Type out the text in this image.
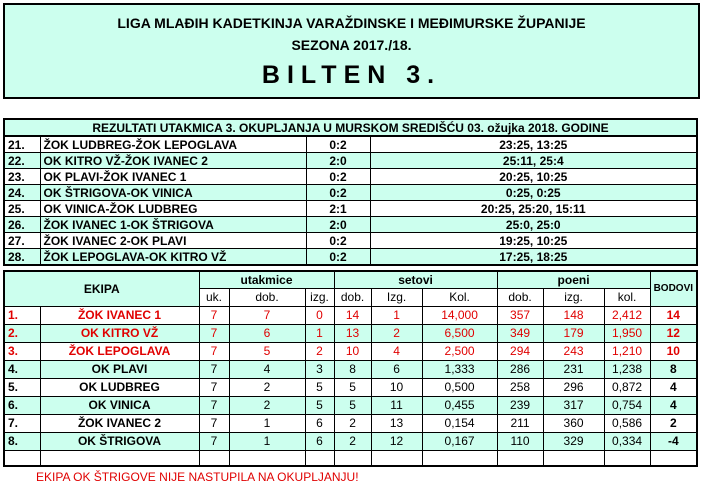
LIGA MLAĐIH KADETKINJA VARAŽDINSKE I MEĐIMURSKE ŽUPANIJE
SEZONA 2017./18.
BILTEN 3.
REZULTATI UTAKMICA 3. OKUPLJANJA U MURSKOM SREDIŠĆU 03. ožujka 2018. GODINE			
21.	ŽOK LUDBREG-ŽOK LEPOGLAVA	0:2	23:25, 13:25
22.	OK KITRO VŽ-ŽOK IVANEC 2	2:0	25:11, 25:4
23.	OK PLAVI-ŽOK IVANEC 1	0:2	20:25, 10:25
24.	OK ŠTRIGOVA-OK VINICA	0:2	0:25, 0:25
25.	OK VINICA-ŽOK LUDBREG	2:1	20:25, 25:20, 15:11
26.	ŽOK IVANEC 1-OK ŠTRIGOVA	2:0	25:0, 25:0
27.	ŽOK IVANEC 2-OK PLAVI	0:2	19:25, 10:25
28.	ŽOK LEPOGLAVA-OK KITRO VŽ	0:2	17:25, 18:25
EKIPA		utakmice			setovi			poeni			BODOVI
		uk.	dob.	izg.	dob.	Izg.	Kol.	dob.	izg.	kol.	
1.	ŽOK IVANEC 1	7	7	0	14	1	14,000	357	148	2,412	14
2.	OK KITRO VŽ	7	6	1	13	2	6,500	349	179	1,950	12
3.	ŽOK LEPOGLAVA	7	5	2	10	4	2,500	294	243	1,210	10
4.	OK PLAVI	7	4	3	8	6	1,333	286	231	1,238	8
5.	OK LUDBREG	7	2	5	5	10	0,500	258	296	0,872	4
6.	OK VINICA	7	2	5	5	11	0,455	239	317	0,754	4
7.	ŽOK IVANEC 2	7	1	6	2	13	0,154	211	360	0,586	2
8.	OK ŠTRIGOVA	7	1	6	2	12	0,167	110	329	0,334	-4

EKIPA OK ŠTRIGOVE NIJE NASTUPILA NA OKUPLJANJU!
